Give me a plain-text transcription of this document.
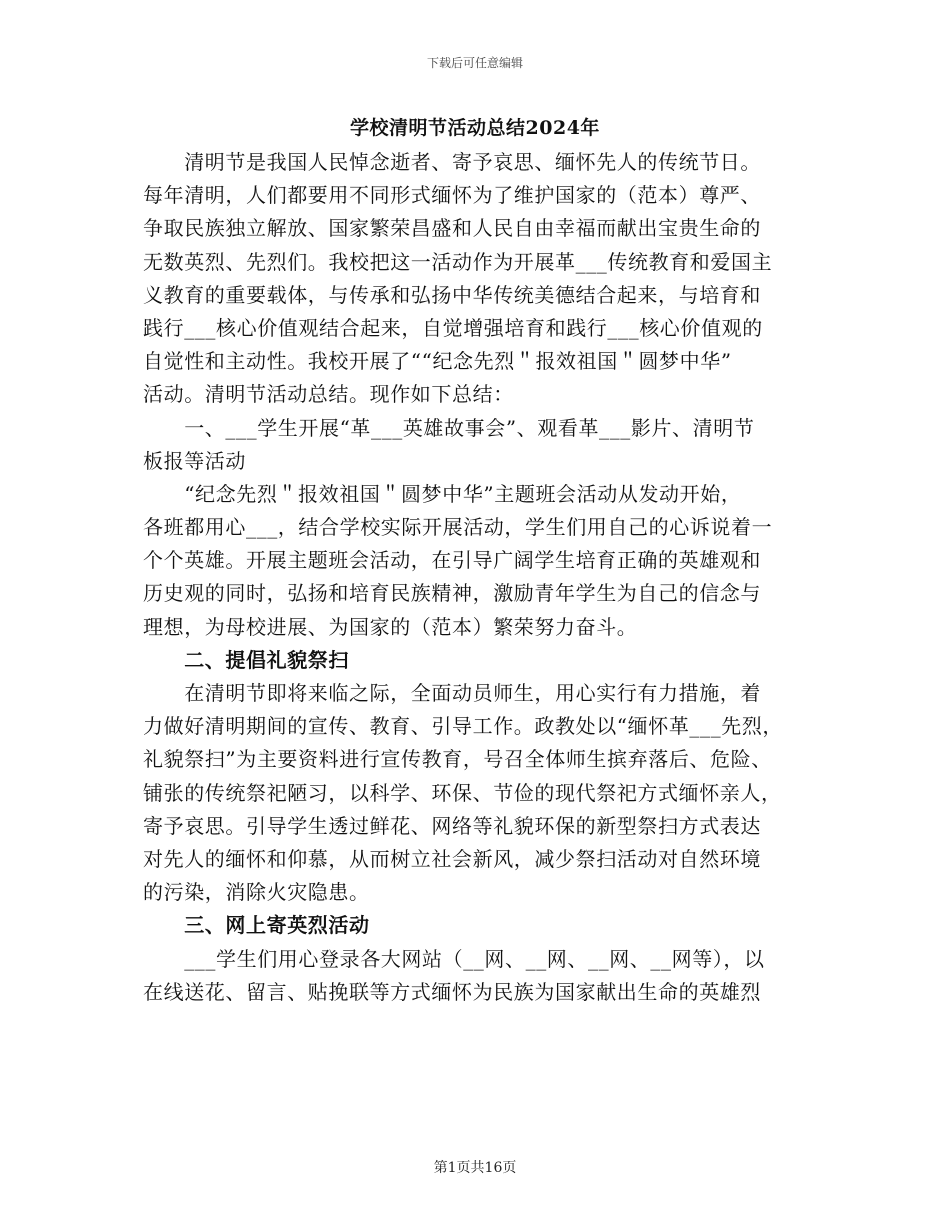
下载后可任意编辑
学校清明节活动总结2024年
　　清明节是我国人民悼念逝者、寄予哀思、缅怀先人的传统节日。
每年清明，人们都要用不同形式缅怀为了维护国家的（范本）尊严、
争取民族独立解放、国家繁荣昌盛和人民自由幸福而献出宝贵生命的
无数英烈、先烈们。我校把这一活动作为开展革___传统教育和爱国主
义教育的重要载体，与传承和弘扬中华传统美德结合起来，与培育和
践行___核心价值观结合起来，自觉增强培育和践行___核心价值观的
自觉性和主动性。我校开展了““纪念先烈＂报效祖国＂圆梦中华”
活动。清明节活动总结。现作如下总结：
　　一、___学生开展“革___英雄故事会”、观看革___影片、清明节
板报等活动
　　“纪念先烈＂报效祖国＂圆梦中华”主题班会活动从发动开始，
各班都用心___，结合学校实际开展活动，学生们用自己的心诉说着一
个个英雄。开展主题班会活动，在引导广阔学生培育正确的英雄观和
历史观的同时，弘扬和培育民族精神，激励青年学生为自己的信念与
理想，为母校进展、为国家的（范本）繁荣努力奋斗。
　　二、提倡礼貌祭扫
　　在清明节即将来临之际，全面动员师生，用心实行有力措施，着
力做好清明期间的宣传、教育、引导工作。政教处以“缅怀革___先烈，
礼貌祭扫”为主要资料进行宣传教育，号召全体师生摈弃落后、危险、
铺张的传统祭祀陋习，以科学、环保、节俭的现代祭祀方式缅怀亲人，
寄予哀思。引导学生透过鲜花、网络等礼貌环保的新型祭扫方式表达
对先人的缅怀和仰慕，从而树立社会新风，减少祭扫活动对自然环境
的污染，消除火灾隐患。
　　三、网上寄英烈活动
　　___学生们用心登录各大网站（__网、__网、__网、__网等），以
在线送花、留言、贴挽联等方式缅怀为民族为国家献出生命的英雄烈
第1页共16页
